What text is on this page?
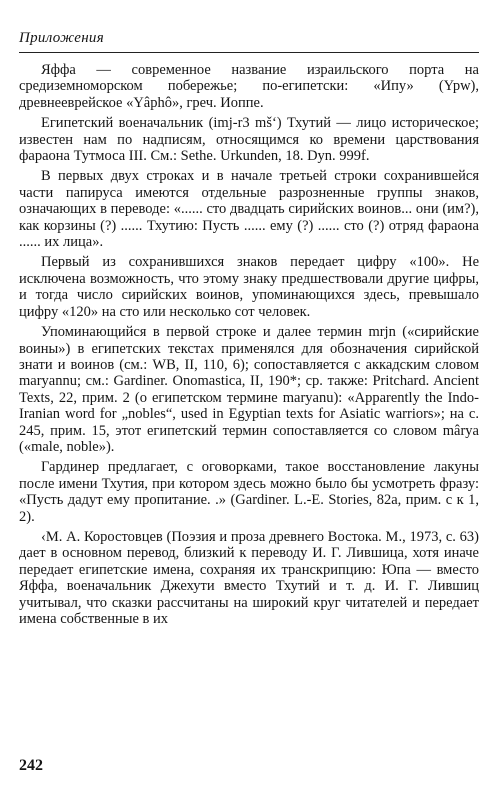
Приложения

Яффа — современное название израильского порта на средиземноморском побережье; по-египетски: «Ипу» (Ypw), древнееврейское «Yâphô», греч. Иоппе.

Египетский военачальник (imj-r3 mš‘) Тхутий — лицо историческое; известен нам по надписям, относящимся ко времени царствования фараона Тутмоса III. См.: Sethe. Urkunden, 18. Dyn. 999f.

В первых двух строках и в начале третьей строки сохранившейся части папируса имеются отдельные разрозненные группы знаков, означающих в переводе: «...... сто двадцать сирийских воинов... они (им?), как корзины (?) ...... Тхутию: Пусть ...... ему (?) ...... сто (?) отряд фараона ...... их лица».

Первый из сохранившихся знаков передает цифру «100». Не исключена возможность, что этому знаку предшествовали другие цифры, и тогда число сирийских воинов, упоминающихся здесь, превышало цифру «120» на сто или несколько сот человек.

Упоминающийся в первой строке и далее термин mrjn («сирийские воины») в египетских текстах применялся для обозначения сирийской знати и воинов (см.: WB, II, 110, 6); сопоставляется с аккадским словом maryannu; см.: Gardiner. Onomastica, II, 190*; ср. также: Pritchard. Ancient Texts, 22, прим. 2 (о египетском термине maryanu): «Apparently the Indo-Iranian word for „nobles“, used in Egyptian texts for Asiatic warriors»; на с. 245, прим. 15, этот египетский термин сопоставляется со словом mârya («male, noble»).

Гардинер предлагает, с оговорками, такое восстановление лакуны после имени Тхутия, при котором здесь можно было бы усмотреть фразу: «Пусть дадут ему пропитание. .» (Gardiner. L.-E. Stories, 82a, прим. с к 1, 2).

‹М. А. Коростовцев (Поэзия и проза древнего Востока. М., 1973, с. 63) дает в основном перевод, близкий к переводу И. Г. Лившица, хотя иначе передает египетские имена, сохраняя их транскрипцию: Юпа — вместо Яффа, военачальник Джехути вместо Тхутий и т. д. И. Г. Лившиц учитывал, что сказки рассчитаны на широкий круг читателей и передает имена собственные в их

242
